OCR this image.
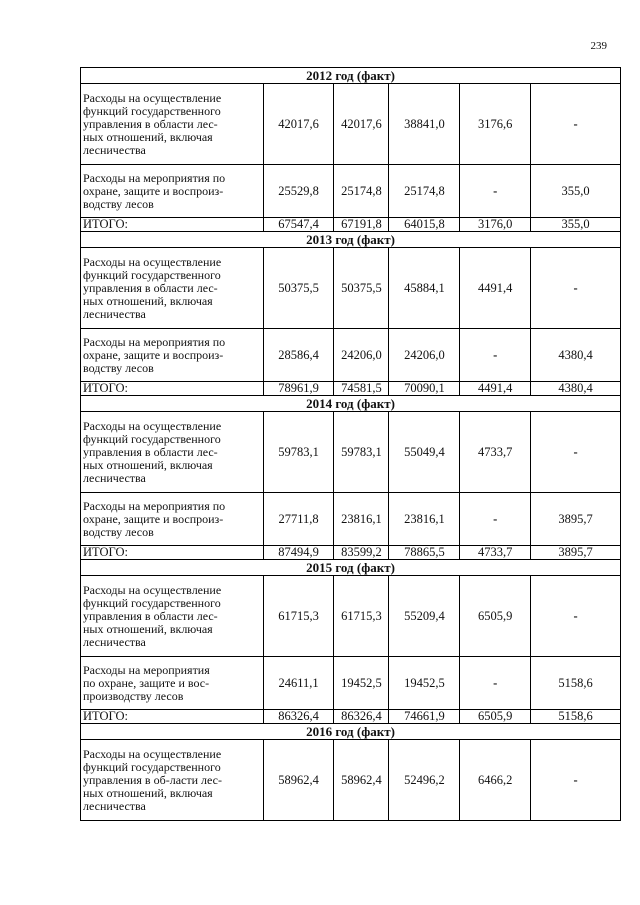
239
2012 год (факт)					

Расходы на осуществление
функций государственного
управления в области лес-
ных отношений, включая
лесничества	42017,6	42017,6	38841,0	3176,6	-

Расходы на мероприятия по
охране, защите и воспроиз-
водству лесов	25529,8	25174,8	25174,8	-	355,0
ИТОГО:	67547,4	67191,8	64015,8	3176,0	355,0
2013 год (факт)					

Расходы на осуществление
функций государственного
управления в области лес-
ных отношений, включая
лесничества	50375,5	50375,5	45884,1	4491,4	-

Расходы на мероприятия по
охране, защите и воспроиз-
водству лесов	28586,4	24206,0	24206,0	-	4380,4
ИТОГО:	78961,9	74581,5	70090,1	4491,4	4380,4
2014 год (факт)					

Расходы на осуществление
функций государственного
управления в области лес-
ных отношений, включая
лесничества	59783,1	59783,1	55049,4	4733,7	-

Расходы на мероприятия по
охране, защите и воспроиз-
водству лесов	27711,8	23816,1	23816,1	-	3895,7
ИТОГО:	87494,9	83599,2	78865,5	4733,7	3895,7
2015 год (факт)					

Расходы на осуществление
функций государственного
управления в области лес-
ных отношений, включая
лесничества	61715,3	61715,3	55209,4	6505,9	-

Расходы на мероприятия
по охране, защите и вос-
производству лесов	24611,1	19452,5	19452,5	-	5158,6
ИТОГО:	86326,4	86326,4	74661,9	6505,9	5158,6
2016 год (факт)					

Расходы на осуществление
функций государственного
управления в об-ласти лес-
ных отношений, включая
лесничества	58962,4	58962,4	52496,2	6466,2	-
